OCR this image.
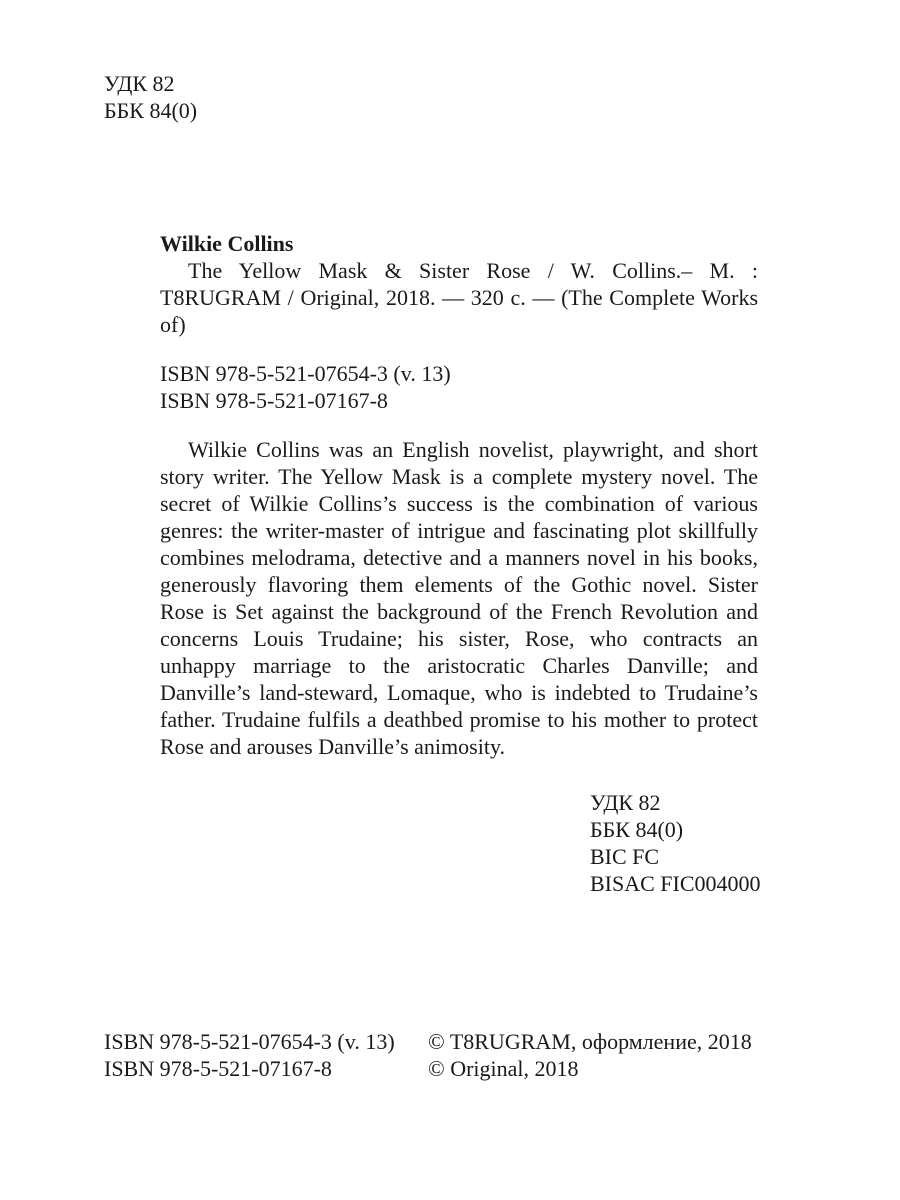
УДК 82
ББК 84(0)
Wilkie Collins

The Yellow Mask & Sister Rose / W. Collins.– M. : T8RUGRAM / Original, 2018. — 320 c. — (The Complete Works of)

ISBN 978-5-521-07654-3 (v. 13)
ISBN 978-5-521-07167-8

Wilkie Collins was an English novelist, playwright, and short story writer. The Yellow Mask is a complete mystery novel. The secret of Wilkie Collins’s success is the combination of various genres: the writer-master of intrigue and fascinating plot skillfully combines melodrama, detective and a manners novel in his books, generously flavoring them elements of the Gothic novel. Sister Rose is Set against the background of the French Revolution and concerns Louis Trudaine; his sister, Rose, who contracts an unhappy marriage to the aristocratic Charles Danville; and Danville’s land-steward, Lomaque, who is indebted to Trudaine’s father. Trudaine fulfils a deathbed promise to his mother to protect Rose and arouses Danville’s animosity.

УДК 82
ББК 84(0)
BIC FC
BISAC FIC004000
ISBN 978-5-521-07654-3 (v. 13)
ISBN 978-5-521-07167-8
© T8RUGRAM, оформление, 2018
© Original, 2018
